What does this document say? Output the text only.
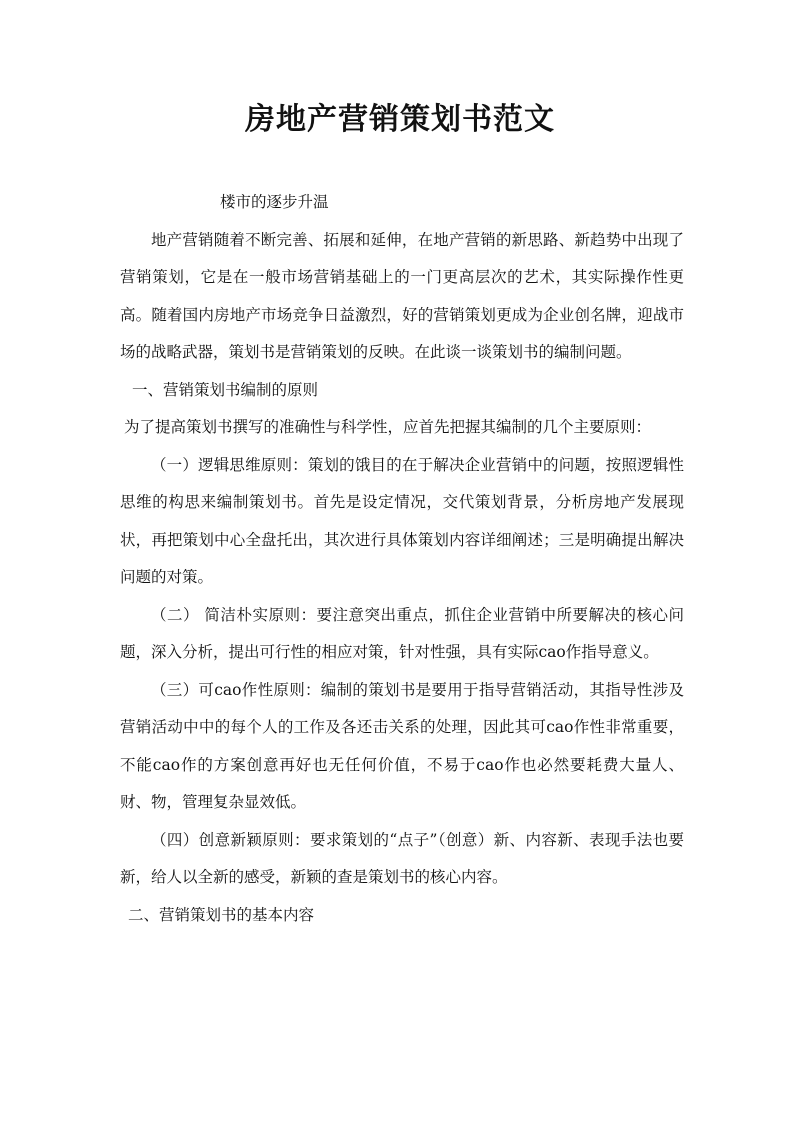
房地产营销策划书范文

楼市的逐步升温

地产营销随着不断完善、拓展和延伸，在地产营销的新思路、新趋势中出现了营销策划，它是在一般市场营销基础上的一门更高层次的艺术，其实际操作性更高。随着国内房地产市场竞争日益激烈，好的营销策划更成为企业创名牌，迎战市场的战略武器，策划书是营销策划的反映。在此谈一谈策划书的编制问题。

一、营销策划书编制的原则

为了提高策划书撰写的准确性与科学性，应首先把握其编制的几个主要原则：

（一）逻辑思维原则：策划的饿目的在于解决企业营销中的问题，按照逻辑性思维的构思来编制策划书。首先是设定情况，交代策划背景，分析房地产发展现状，再把策划中心全盘托出，其次进行具体策划内容详细阐述；三是明确提出解决问题的对策。

（二） 简洁朴实原则：要注意突出重点，抓住企业营销中所要解决的核心问题，深入分析，提出可行性的相应对策，针对性强，具有实际cao作指导意义。

（三）可cao作性原则：编制的策划书是要用于指导营销活动，其指导性涉及营销活动中中的每个人的工作及各还击关系的处理，因此其可cao作性非常重要，不能cao作的方案创意再好也无任何价值，不易于cao作也必然要耗费大量人、财、物，管理复杂显效低。

（四）创意新颖原则：要求策划的“点子”（创意）新、内容新、表现手法也要新，给人以全新的感受，新颖的查是策划书的核心内容。

二、营销策划书的基本内容
